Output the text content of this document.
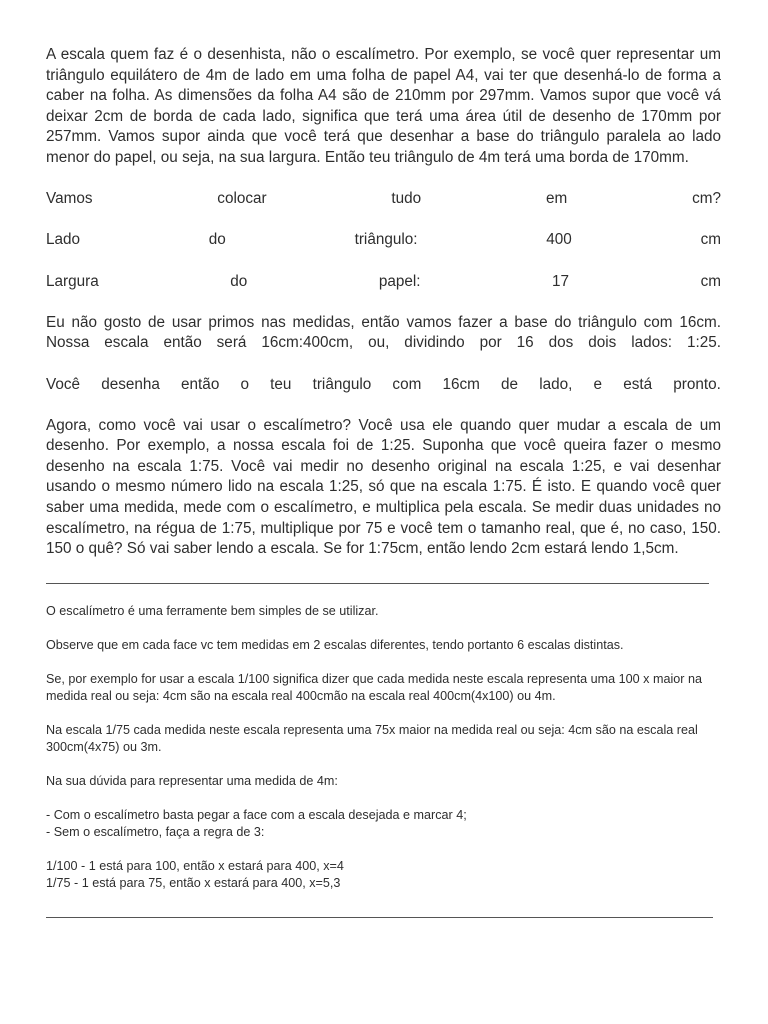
A escala quem faz é o desenhista, não o escalímetro. Por exemplo, se você quer representar um

triângulo equilátero de 4m de lado em uma folha de papel A4, vai ter que desenhá-lo de forma a

caber na folha. As dimensões da folha A4 são de 210mm por 297mm. Vamos supor que você vá

deixar 2cm de borda de cada lado, significa que terá uma área útil de desenho de 170mm por

257mm. Vamos supor ainda que você terá que desenhar a base do triângulo paralela ao lado

menor do papel, ou seja, na sua largura. Então teu triângulo de 4m terá uma borda de 170mm.

Vamos	colocar	tudo	em	cm?

Lado	do	triângulo:	400	cm

Largura	do	papel:	17	cm

Eu não gosto de usar primos nas medidas, então vamos fazer a base do triângulo com 16cm.

Nossa escala então será 16cm:400cm, ou, dividindo por 16 dos dois lados: 1:25.

Você desenha então o teu triângulo com 16cm de lado, e está pronto.

Agora, como você vai usar o escalímetro? Você usa ele quando quer mudar a escala de um

desenho. Por exemplo, a nossa escala foi de 1:25. Suponha que você queira fazer o mesmo

desenho na escala 1:75. Você vai medir no desenho original na escala 1:25, e vai desenhar

usando o mesmo número lido na escala 1:25, só que na escala 1:75. É isto. E quando você quer

saber uma medida, mede com o escalímetro, e multiplica pela escala. Se medir duas unidades no

escalímetro, na régua de 1:75, multiplique por 75 e você tem o tamanho real, que é, no caso, 150.

150 o quê? Só vai saber lendo a escala. Se for 1:75cm, então lendo 2cm estará lendo 1,5cm.

O escalímetro é uma ferramente bem simples de se utilizar.

Observe que em cada face vc tem medidas em 2 escalas diferentes, tendo portanto 6 escalas distintas.

Se, por exemplo for usar a escala 1/100 significa dizer que cada medida neste escala representa uma 100 x maior na

medida real ou seja: 4cm são na escala real 400cmão na escala real 400cm(4x100) ou 4m.

Na escala 1/75 cada medida neste escala representa uma 75x maior na medida real ou seja: 4cm são na escala real

300cm(4x75) ou 3m.

Na sua dúvida para representar uma medida de 4m:

- Com o escalímetro basta pegar a face com a escala desejada e marcar 4;

- Sem o escalímetro, faça a regra de 3:

1/100 - 1 está para 100, então x estará para 400, x=4

1/75 - 1 está para 75, então x estará para 400, x=5,3
